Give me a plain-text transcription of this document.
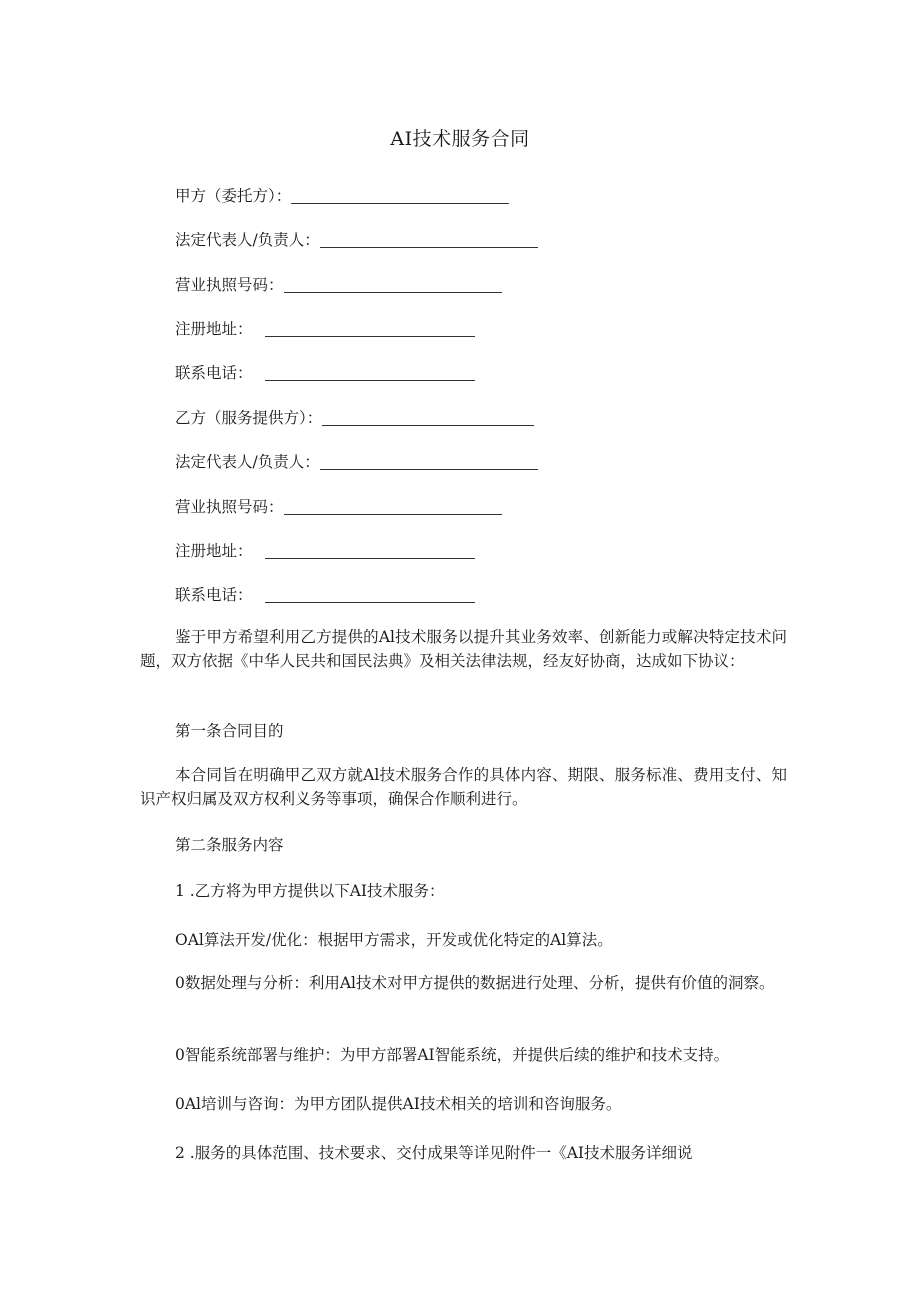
AI技术服务合同
甲方（委托方）：
法定代表人/负责人：
营业执照号码：
注册地址：
联系电话：
乙方（服务提供方）：
法定代表人/负责人：
营业执照号码：
注册地址：
联系电话：

鉴于甲方希望利用乙方提供的Al技术服务以提升其业务效率、创新能力或解决特定技术问题，双方依据《中华人民共和国民法典》及相关法律法规，经友好协商，达成如下协议：

第一条合同目的

本合同旨在明确甲乙双方就Al技术服务合作的具体内容、期限、服务标准、费用支付、知识产权归属及双方权利义务等事项，确保合作顺利进行。

第二条服务内容
1 .乙方将为甲方提供以下AI技术服务：
OAl算法开发/优化：根据甲方需求，开发或优化特定的Al算法。

0数据处理与分析：利用Al技术对甲方提供的数据进行处理、分析，提供有价值的洞察。

0智能系统部署与维护：为甲方部署AI智能系统，并提供后续的维护和技术支持。
0Al培训与咨询：为甲方团队提供AI技术相关的培训和咨询服务。
2 .服务的具体范围、技术要求、交付成果等详见附件一《AI技术服务详细说
